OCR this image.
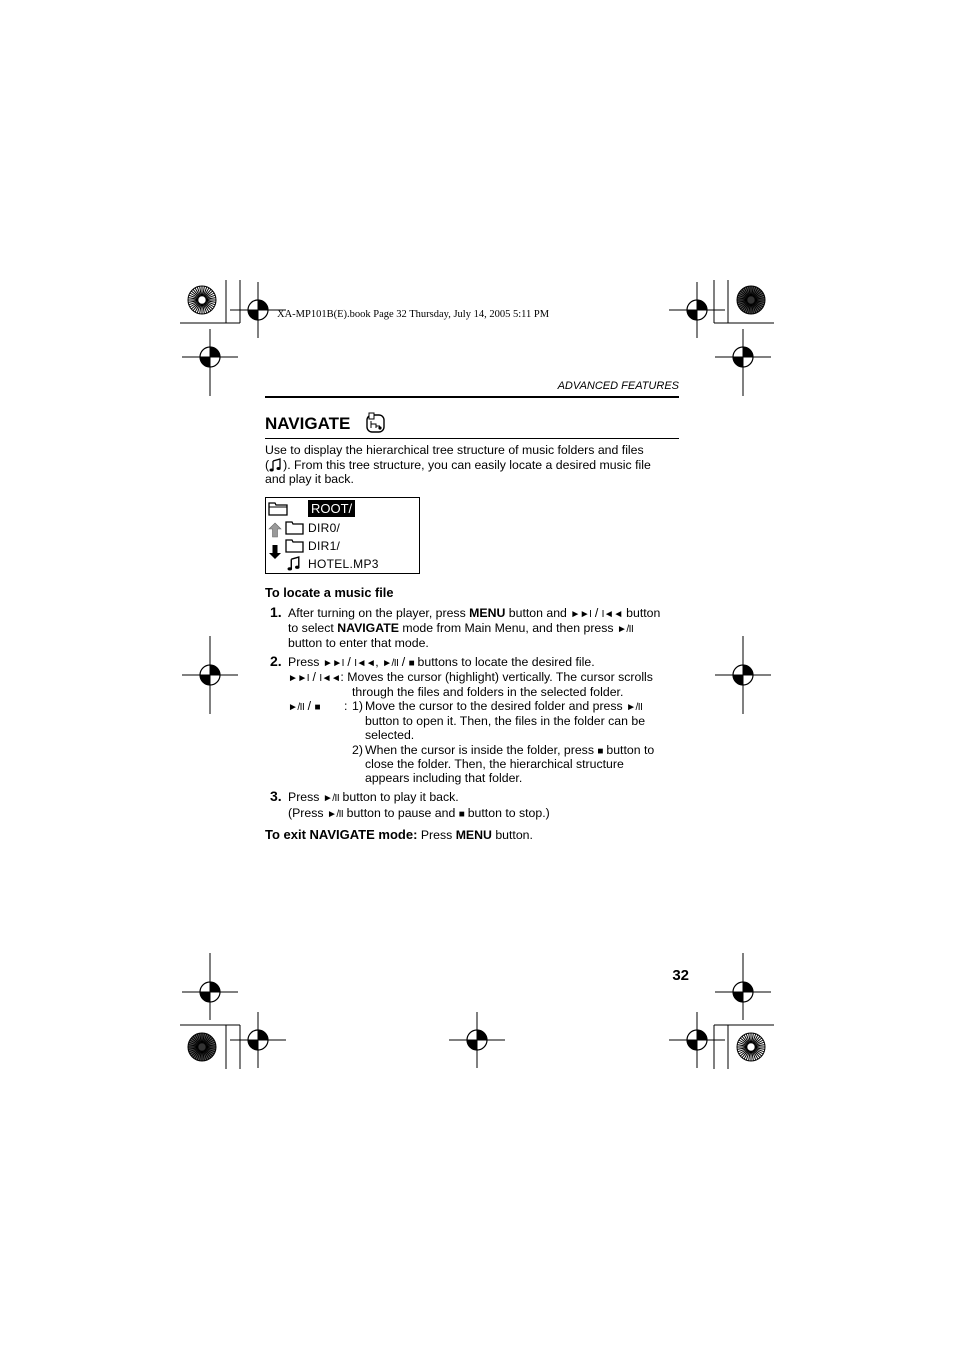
XA-MP101B(E).book Page 32 Thursday, July 14, 2005 5:11 PM
ADVANCED FEATURES
NAVIGATE
Use to display the hierarchical tree structure of music folders and files
( ). From this tree structure, you can easily locate a desired music file
and play it back.
ROOT/
DIR0/
DIR1/
HOTEL.MP3
To locate a music file
1. After turning on the player, press MENU button and ►►I / I◄◄ button
to select NAVIGATE mode from Main Menu, and then press ►/II
button to enter that mode.
2. Press ►►I / I◄◄, ►/II / ■ buttons to locate the desired file.
►►I / I◄◄: Moves the cursor (highlight) vertically. The cursor scrolls
through the files and folders in the selected folder.
►/II / ■ : 1) Move the cursor to the desired folder and press ►/II
button to open it. Then, the files in the folder can be
selected.
2) When the cursor is inside the folder, press ■ button to
close the folder. Then, the hierarchical structure
appears including that folder.
3. Press ►/II button to play it back.
(Press ►/II button to pause and ■ button to stop.)
To exit NAVIGATE mode: Press MENU button.
32
